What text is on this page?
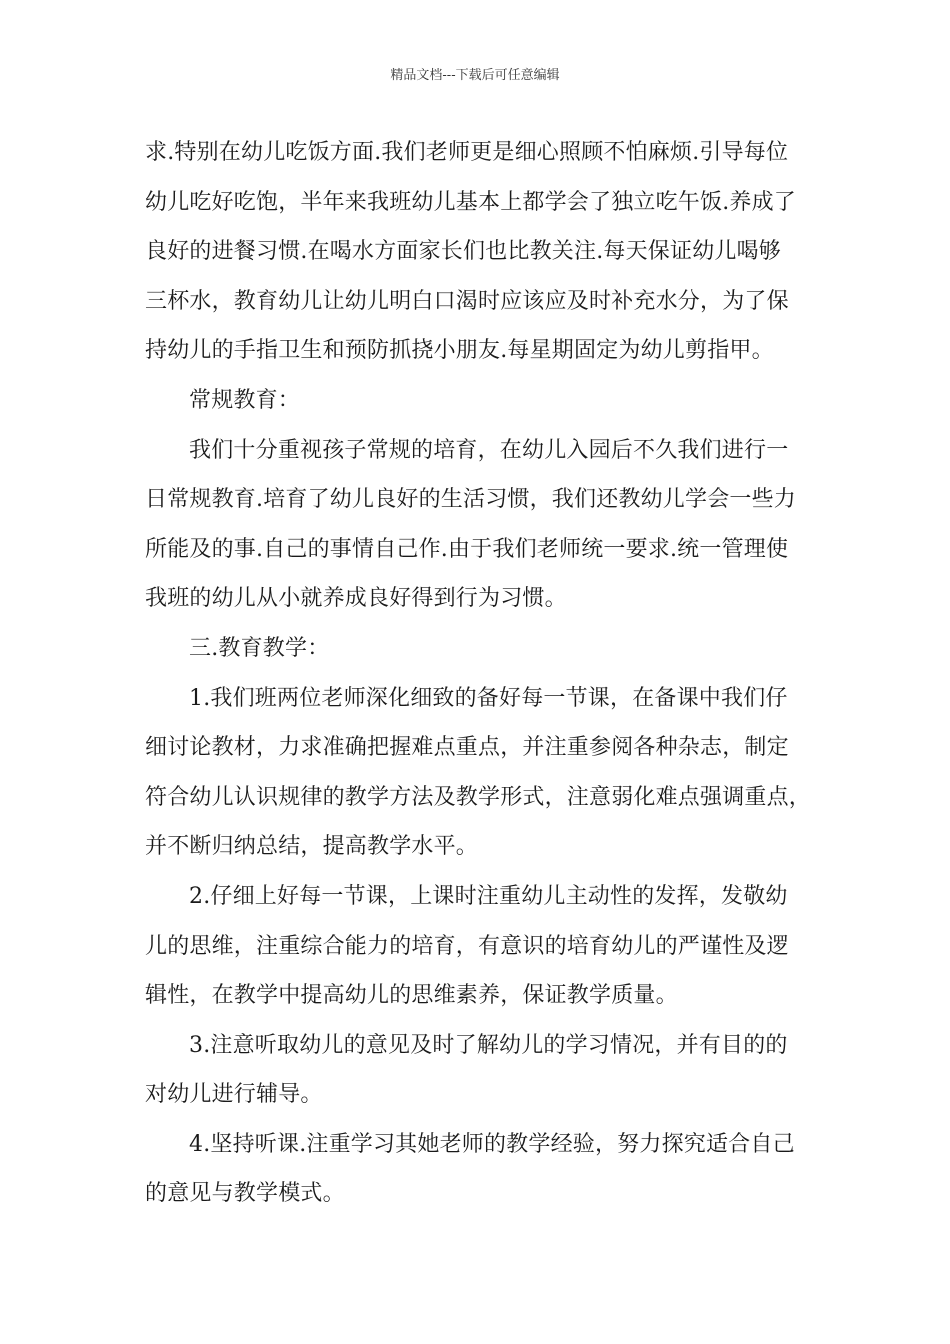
精品文档---下载后可任意编辑
求.特别在幼儿吃饭方面.我们老师更是细心照顾不怕麻烦.引导每位
幼儿吃好吃饱，半年来我班幼儿基本上都学会了独立吃午饭.养成了
良好的进餐习惯.在喝水方面家长们也比教关注.每天保证幼儿喝够
三杯水，教育幼儿让幼儿明白口渴时应该应及时补充水分，为了保
持幼儿的手指卫生和预防抓挠小朋友.每星期固定为幼儿剪指甲。
常规教育：
我们十分重视孩子常规的培育，在幼儿入园后不久我们进行一
日常规教育.培育了幼儿良好的生活习惯，我们还教幼儿学会一些力
所能及的事.自己的事情自己作.由于我们老师统一要求.统一管理使
我班的幼儿从小就养成良好得到行为习惯。
三.教育教学：
1.我们班两位老师深化细致的备好每一节课，在备课中我们仔
细讨论教材，力求准确把握难点重点，并注重参阅各种杂志，制定
符合幼儿认识规律的教学方法及教学形式，注意弱化难点强调重点，
并不断归纳总结，提高教学水平。
2.仔细上好每一节课，上课时注重幼儿主动性的发挥，发敬幼
儿的思维，注重综合能力的培育，有意识的培育幼儿的严谨性及逻
辑性，在教学中提高幼儿的思维素养，保证教学质量。
3.注意听取幼儿的意见及时了解幼儿的学习情况，并有目的的
对幼儿进行辅导。
4.坚持听课.注重学习其她老师的教学经验，努力探究适合自己
的意见与教学模式。
